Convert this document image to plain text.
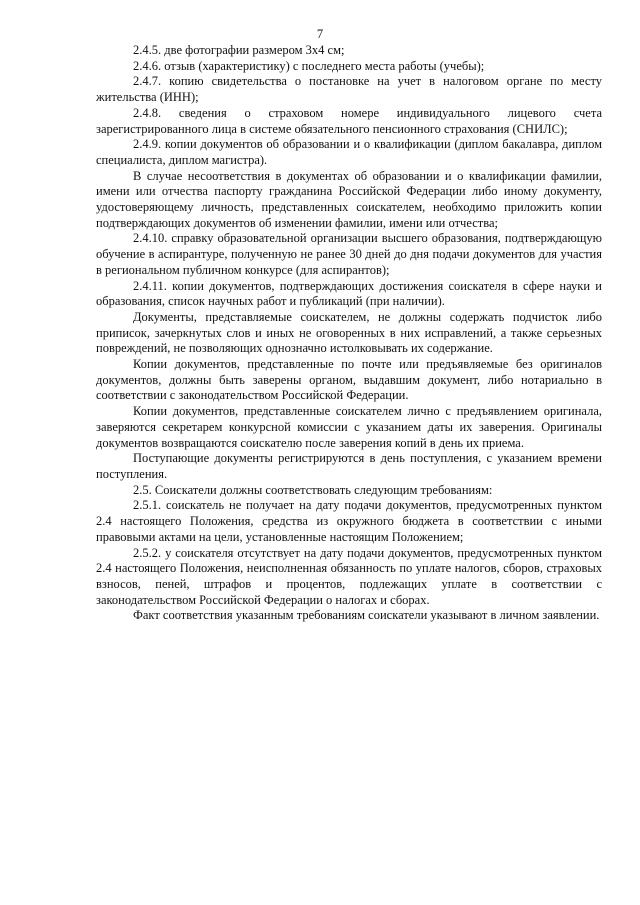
7

2.4.5. две фотографии размером 3х4 см;

2.4.6. отзыв (характеристику) с последнего места работы (учебы);

2.4.7. копию свидетельства о постановке на учет в налоговом органе по месту жительства (ИНН);

2.4.8. сведения о страховом номере индивидуального лицевого счета зарегистрированного лица в системе обязательного пенсионного страхования (СНИЛС);

2.4.9. копии документов об образовании и о квалификации (диплом бакалавра, диплом специалиста, диплом магистра).

В случае несоответствия в документах об образовании и о квалификации фамилии, имени или отчества паспорту гражданина Российской Федерации либо иному документу, удостоверяющему личность, представленных соискателем, необходимо приложить копии подтверждающих документов об изменении фамилии, имени или отчества;

2.4.10. справку образовательной организации высшего образования, подтверждающую обучение в аспирантуре, полученную не ранее 30 дней до дня подачи документов для участия в региональном публичном конкурсе (для аспирантов);

2.4.11. копии документов, подтверждающих достижения соискателя в сфере науки и образования, список научных работ и публикаций (при наличии).

Документы, представляемые соискателем, не должны содержать подчисток либо приписок, зачеркнутых слов и иных не оговоренных в них исправлений, а также серьезных повреждений, не позволяющих однозначно истолковывать их содержание.

Копии документов, представленные по почте или предъявляемые без оригиналов документов, должны быть заверены органом, выдавшим документ, либо нотариально в соответствии с законодательством Российской Федерации.

Копии документов, представленные соискателем лично с предъявлением оригинала, заверяются секретарем конкурсной комиссии с указанием даты их заверения. Оригиналы документов возвращаются соискателю после заверения копий в день их приема.

Поступающие документы регистрируются в день поступления, с указанием времени поступления.

2.5. Соискатели должны соответствовать следующим требованиям:

2.5.1. соискатель не получает на дату подачи документов, предусмотренных пунктом 2.4 настоящего Положения, средства из окружного бюджета в соответствии с иными правовыми актами на цели, установленные настоящим Положением;

2.5.2. у соискателя отсутствует на дату подачи документов, предусмотренных пунктом 2.4 настоящего Положения, неисполненная обязанность по уплате налогов, сборов, страховых взносов, пеней, штрафов и процентов, подлежащих уплате в соответствии с законодательством Российской Федерации о налогах и сборах.

Факт соответствия указанным требованиям соискатели указывают в личном заявлении.
